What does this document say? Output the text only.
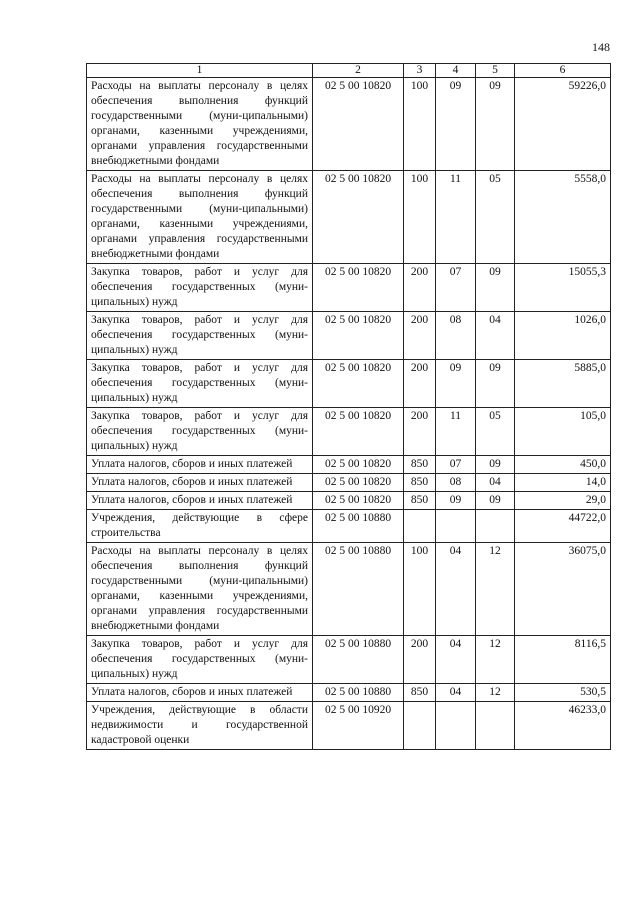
148
1	2	3	4	5	6
Расходы на выплаты персоналу в целях обеспечения выполнения функций государственными (муни-ципальными) органами, казенными учреждениями, органами управления государственными внебюджетными фондами	02 5 00 10820	100	09	09	59226,0
Расходы на выплаты персоналу в целях обеспечения выполнения функций государственными (муни-ципальными) органами, казенными учреждениями, органами управления государственными внебюджетными фондами	02 5 00 10820	100	11	05	5558,0
Закупка товаров, работ и услуг для обеспечения государственных (муни-ципальных) нужд	02 5 00 10820	200	07	09	15055,3
Закупка товаров, работ и услуг для обеспечения государственных (муни-ципальных) нужд	02 5 00 10820	200	08	04	1026,0
Закупка товаров, работ и услуг для обеспечения государственных (муни-ципальных) нужд	02 5 00 10820	200	09	09	5885,0
Закупка товаров, работ и услуг для обеспечения государственных (муни-ципальных) нужд	02 5 00 10820	200	11	05	105,0
Уплата налогов, сборов и иных платежей	02 5 00 10820	850	07	09	450,0
Уплата налогов, сборов и иных платежей	02 5 00 10820	850	08	04	14,0
Уплата налогов, сборов и иных платежей	02 5 00 10820	850	09	09	29,0
Учреждения, действующие в сфере строительства	02 5 00 10880				44722,0
Расходы на выплаты персоналу в целях обеспечения выполнения функций государственными (муни-ципальными) органами, казенными учреждениями, органами управления государственными внебюджетными фондами	02 5 00 10880	100	04	12	36075,0
Закупка товаров, работ и услуг для обеспечения государственных (муни-ципальных) нужд	02 5 00 10880	200	04	12	8116,5
Уплата налогов, сборов и иных платежей	02 5 00 10880	850	04	12	530,5
Учреждения, действующие в области недвижимости и государственной кадастровой оценки	02 5 00 10920				46233,0
